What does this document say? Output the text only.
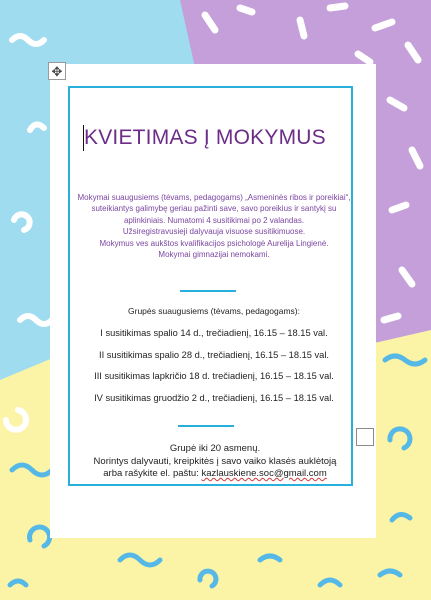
✥
KVIETIMAS Į MOKYMUS

Mokymai suaugusiems (tėvams, pedagogams) „Asmeninės ribos ir poreikiai“, suteikiantys galimybę geriau pažinti save, savo poreikius ir santykį su aplinkiniais. Numatomi 4 susitikimai po 2 valandas.

Užsiregistravusieji dalyvauja visuose susitikimuose.

Mokymus ves aukštos kvalifikacijos psichologė Aurelija Lingienė.

Mokymai gimnazijai nemokami.

Grupės suaugusiems (tėvams, pedagogams):

I susitikimas spalio 14 d., trečiadienį, 16.15 – 18.15 val.

II susitikimas spalio 28 d., trečiadienį, 16.15 – 18.15 val.

III susitikimas lapkričio 18 d. trečiadienį, 16.15 – 18.15 val.

IV susitikimas gruodžio 2 d., trečiadienį, 16.15 – 18.15 val.

Grupė iki 20 asmenų.

Norintys dalyvauti, kreipkitės į savo vaiko klasės auklėtoją

arba rašykite el. paštu: kazlauskiene.soc@gmail.com
